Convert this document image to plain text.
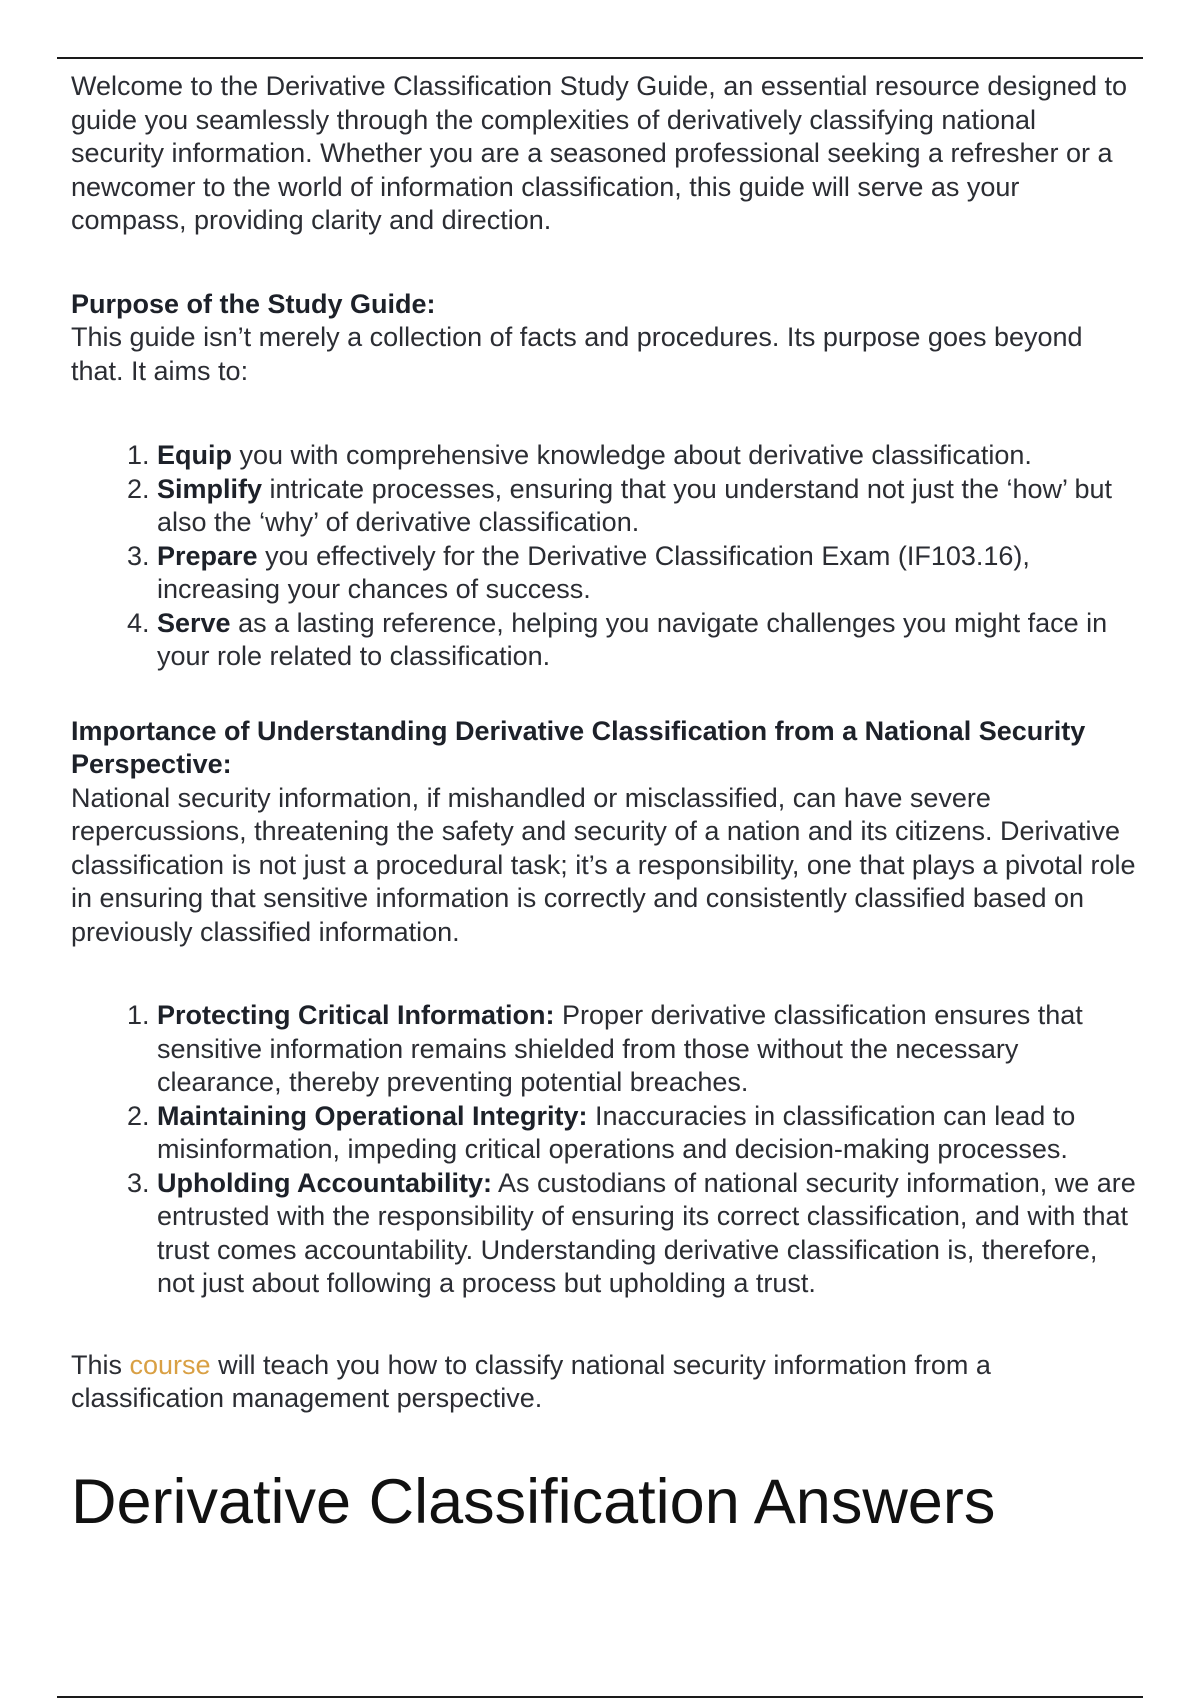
Welcome to the Derivative Classification Study Guide, an essential resource designed to guide you seamlessly through the complexities of derivatively classifying national security information. Whether you are a seasoned professional seeking a refresher or a newcomer to the world of information classification, this guide will serve as your compass, providing clarity and direction.

Purpose of the Study Guide:

This guide isn’t merely a collection of facts and procedures. Its purpose goes beyond that. It aims to:

1. Equip you with comprehensive knowledge about derivative classification.
2. Simplify intricate processes, ensuring that you understand not just the ‘how’ but also the ‘why’ of derivative classification.
3. Prepare you effectively for the Derivative Classification Exam (IF103.16), increasing your chances of success.
4. Serve as a lasting reference, helping you navigate challenges you might face in your role related to classification.

Importance of Understanding Derivative Classification from a National Security Perspective:

National security information, if mishandled or misclassified, can have severe repercussions, threatening the safety and security of a nation and its citizens. Derivative classification is not just a procedural task; it’s a responsibility, one that plays a pivotal role in ensuring that sensitive information is correctly and consistently classified based on previously classified information.

1. Protecting Critical Information: Proper derivative classification ensures that sensitive information remains shielded from those without the necessary clearance, thereby preventing potential breaches.
2. Maintaining Operational Integrity: Inaccuracies in classification can lead to misinformation, impeding critical operations and decision-making processes.
3. Upholding Accountability: As custodians of national security information, we are entrusted with the responsibility of ensuring its correct classification, and with that trust comes accountability. Understanding derivative classification is, therefore, not just about following a process but upholding a trust.

This course will teach you how to classify national security information from a classification management perspective.

Derivative Classification Answers
